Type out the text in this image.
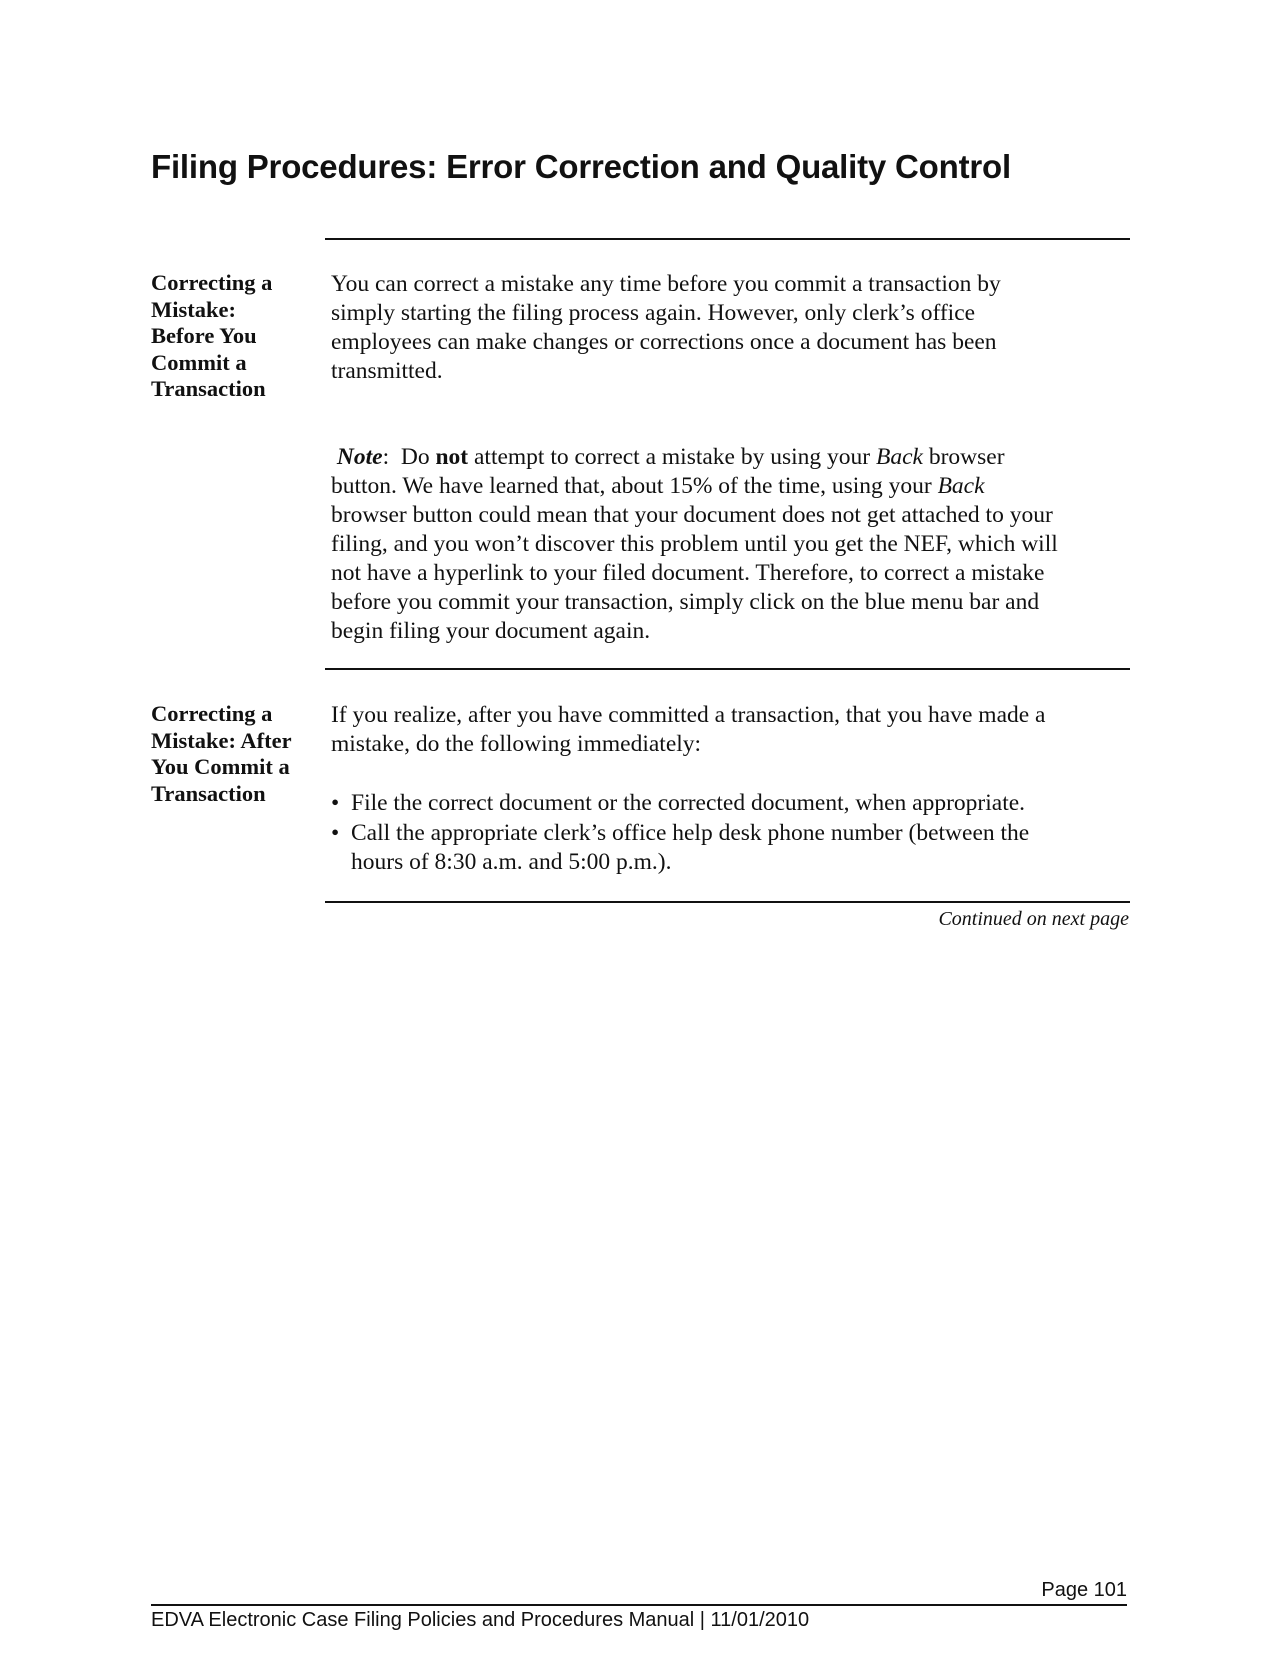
Filing Procedures: Error Correction and Quality Control
Correcting a
Mistake:
Before You
Commit a
Transaction

You can correct a mistake any time before you commit a transaction by
simply starting the filing process again. However, only clerk’s office
employees can make changes or corrections once a document has been
transmitted.

Note:  Do not attempt to correct a mistake by using your Back browser
button. We have learned that, about 15% of the time, using your Back
browser button could mean that your document does not get attached to your
filing, and you won’t discover this problem until you get the NEF, which will
not have a hyperlink to your filed document. Therefore, to correct a mistake
before you commit your transaction, simply click on the blue menu bar and
begin filing your document again.

Correcting a
Mistake: After
You Commit a
Transaction

If you realize, after you have committed a transaction, that you have made a
mistake, do the following immediately:

• File the correct document or the corrected document, when appropriate.
• Call the appropriate clerk’s office help desk phone number (between the
hours of 8:30 a.m. and 5:00 p.m.).
Continued on next page
Page 101
EDVA Electronic Case Filing Policies and Procedures Manual | 11/01/2010
